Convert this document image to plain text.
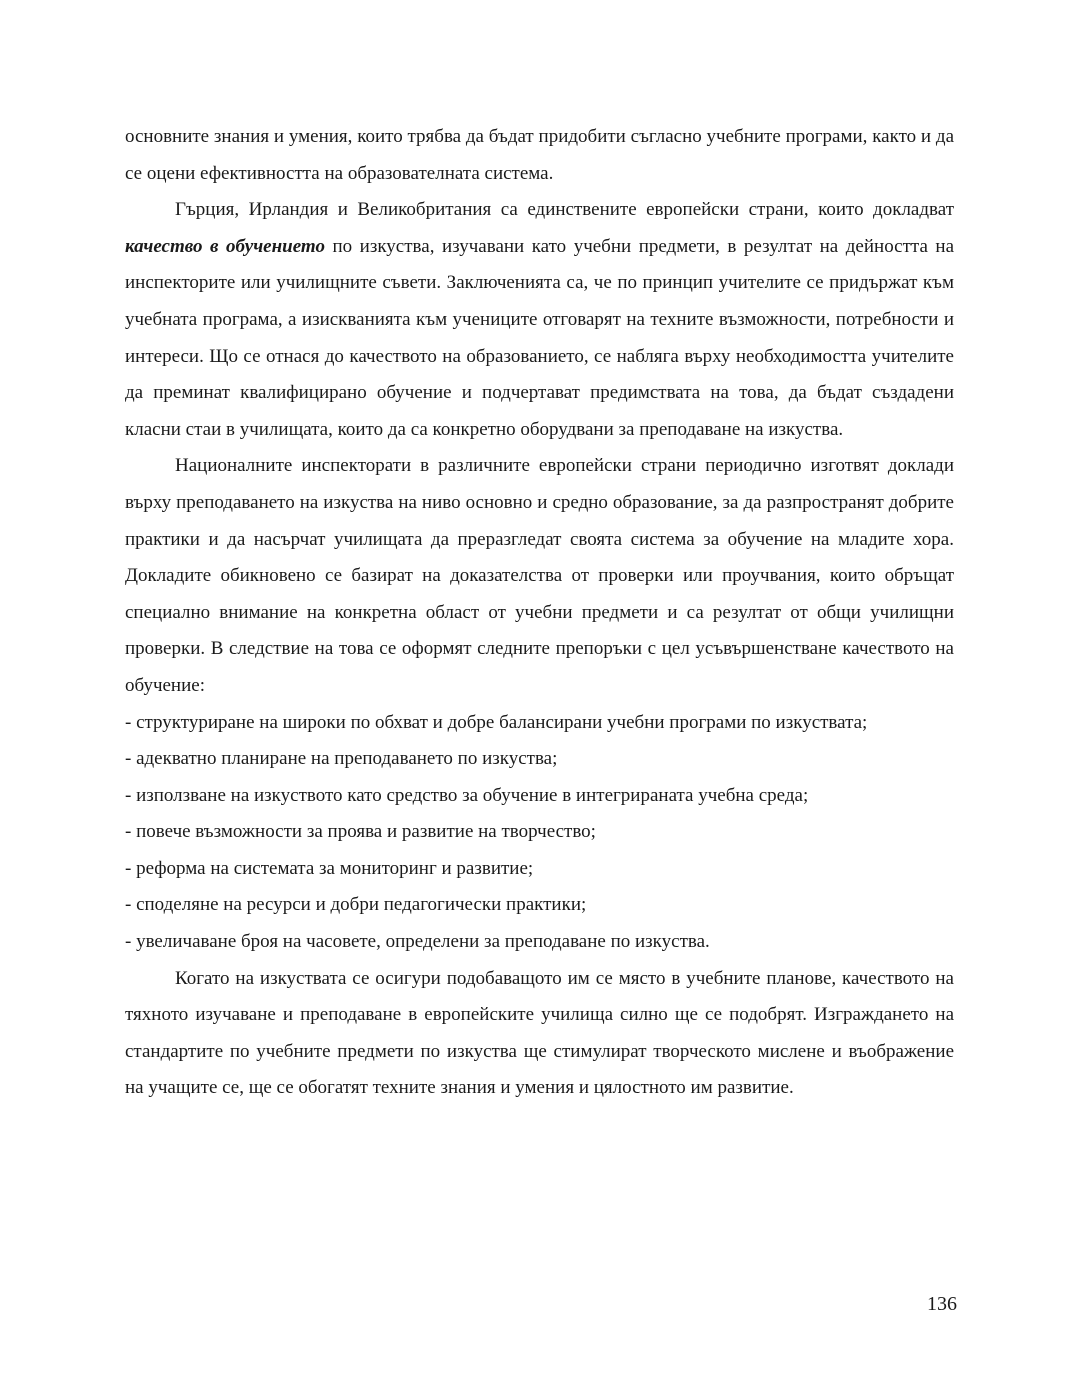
основните знания и умения, които трябва да бъдат придобити съгласно учебните програми, както и да се оцени ефективността на образователната система.

Гърция, Ирландия и Великобритания са единствените европейски страни, които докладват качество в обучението по изкуства, изучавани като учебни предмети, в резултат на дейността на инспекторите или училищните съвети. Заключенията са, че по принцип учителите се придържат към учебната програма, а изискванията към учениците отговарят на техните възможности, потребности и интереси. Що се отнася до качеството на образованието, се набляга върху необходимостта учителите да преминат квалифицирано обучение и подчертават предимствата на това, да бъдат създадени класни стаи в училищата, които да са конкретно оборудвани за преподаване на изкуства.

Националните инспекторати в различните европейски страни периодично изготвят доклади върху преподаването на изкуства на ниво основно и средно образование, за да разпространят добрите практики и да насърчат училищата да преразгледат своята система за обучение на младите хора. Докладите обикновено се базират на доказателства от проверки или проучвания, които обръщат специално внимание на конкретна област от учебни предмети и са резултат от общи училищни проверки. В следствие на това се оформят следните препоръки с цел усъвършенстване качеството на обучение:

- структуриране на широки по обхват и добре балансирани учебни програми по изкуствата;
- адекватно планиране на преподаването по изкуства;
- използване на изкуството като средство за обучение в интегрираната учебна среда;
- повече възможности за проява и развитие на творчество;
- реформа на системата за мониторинг и развитие;
- споделяне на ресурси и добри педагогически практики;
- увеличаване броя на часовете, определени за преподаване по изкуства.

Когато на изкуствата се осигури подобаващото им се място в учебните планове, качеството на тяхното изучаване и преподаване в европейските училища силно ще се подобрят. Изграждането на стандартите по учебните предмети по изкуства ще стимулират творческото мислене и въображение на учащите се, ще се обогатят техните знания и умения и цялостното им развитие.

136
